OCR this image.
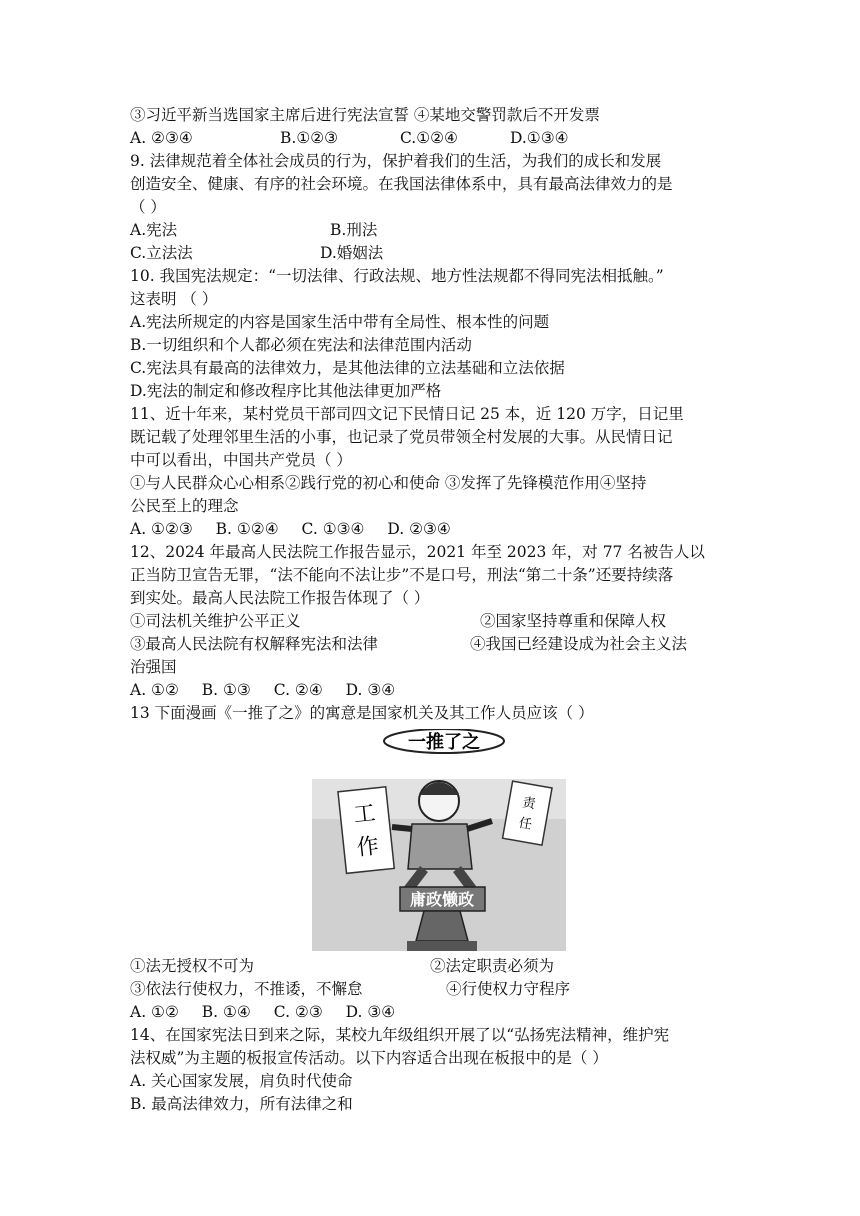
③习近平新当选国家主席后进行宪法宣誓 ④某地交警罚款后不开发票
A. ②③④	B.①②③	C.①②④	D.①③④
9. 法律规范着全体社会成员的行为，保护着我们的生活，为我们的成长和发展
创造安全、健康、有序的社会环境。在我国法律体系中，具有最高法律效力的是
（ ）
A.宪法	B.刑法
C.立法法	D.婚姻法
10. 我国宪法规定：“一切法律、行政法规、地方性法规都不得同宪法相抵触。”
这表明 （ ）
A.宪法所规定的内容是国家生活中带有全局性、根本性的问题
B.一切组织和个人都必须在宪法和法律范围内活动
C.宪法具有最高的法律效力，是其他法律的立法基础和立法依据
D.宪法的制定和修改程序比其他法律更加严格
11、近十年来，某村党员干部司四文记下民情日记 25 本，近 120 万字，日记里
既记载了处理邻里生活的小事，也记录了党员带领全村发展的大事。从民情日记
中可以看出，中国共产党员（ ）
①与人民群众心心相系②践行党的初心和使命 ③发挥了先锋模范作用④坚持
公民至上的理念
A. ①②③ B. ①②④ C. ①③④ D. ②③④
12、2024 年最高人民法院工作报告显示，2021 年至 2023 年，对 77 名被告人以
正当防卫宣告无罪，“法不能向不法让步”不是口号，刑法“第二十条”还要持续落
到实处。最高人民法院工作报告体现了（ ）
①司法机关维护公平正义	②国家坚持尊重和保障人权
③最高人民法院有权解释宪法和法律	④我国已经建设成为社会主义法
治强国
A. ①② B. ①③ C. ②④ D. ③④
13 下面漫画《一推了之》的寓意是国家机关及其工作人员应该（ ）
一推了之
工
作
责
任
庸政懒政
①法无授权不可为	②法定职责必须为
③依法行使权力，不推诿，不懈怠	④行使权力守程序
A. ①② B. ①④ C. ②③ D. ③④
14、在国家宪法日到来之际，某校九年级组织开展了以“弘扬宪法精神，维护宪
法权威”为主题的板报宣传活动。以下内容适合出现在板报中的是（ ）
A. 关心国家发展，肩负时代使命
B. 最高法律效力，所有法律之和
